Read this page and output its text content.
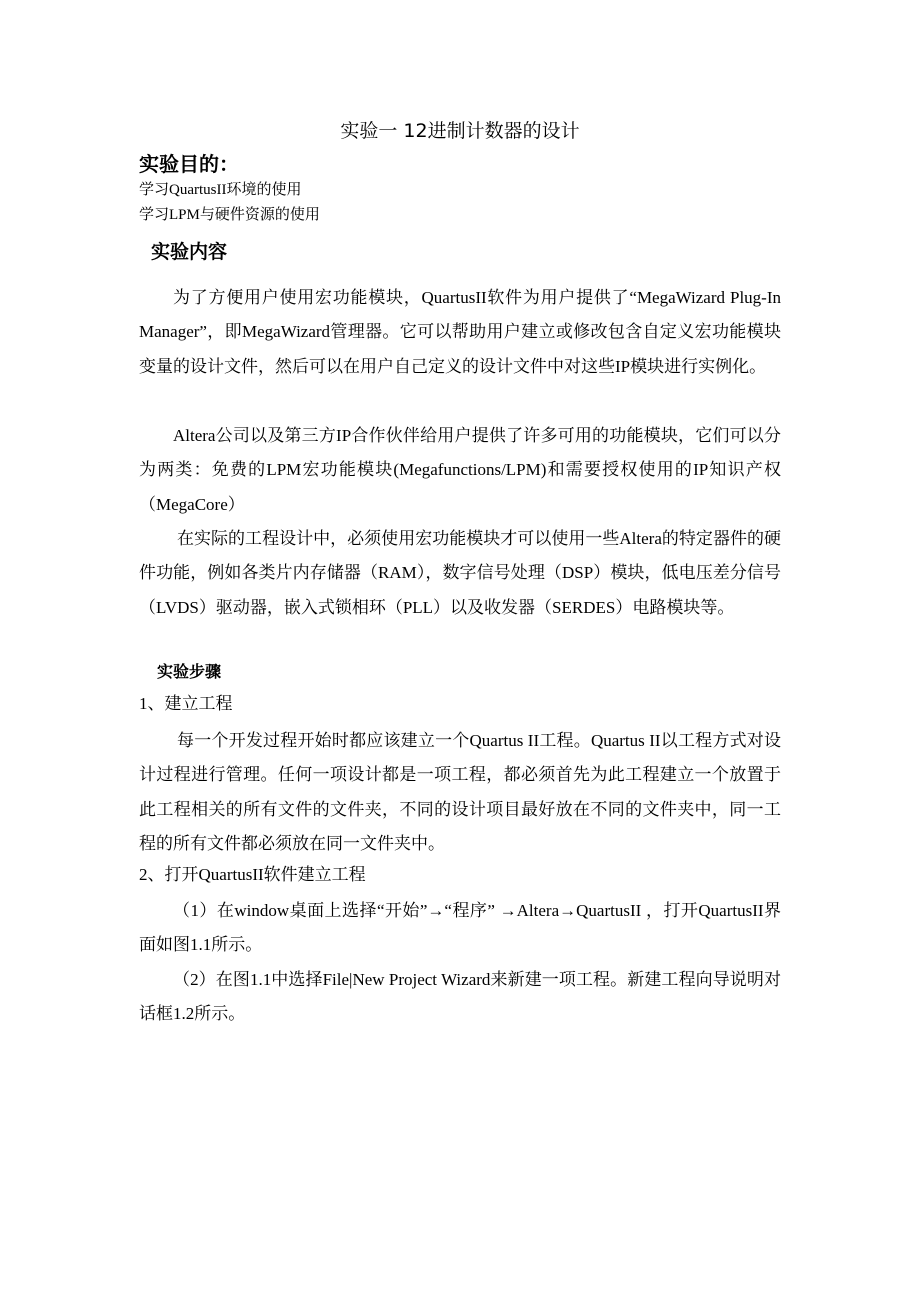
实验一 12进制计数器的设计
实验目的：
学习QuartusII环境的使用
学习LPM与硬件资源的使用
实验内容

为了方便用户使用宏功能模块，QuartusII软件为用户提供了“MegaWizard Plug-In Manager”，即MegaWizard管理器。它可以帮助用户建立或修改包含自定义宏功能模块变量的设计文件，然后可以在用户自己定义的设计文件中对这些IP模块进行实例化。

Altera公司以及第三方IP合作伙伴给用户提供了许多可用的功能模块，它们可以分为两类：免费的LPM宏功能模块(Megafunctions/LPM)和需要授权使用的IP知识产权（MegaCore）

在实际的工程设计中，必须使用宏功能模块才可以使用一些Altera的特定器件的硬件功能，例如各类片内存储器（RAM），数字信号处理（DSP）模块，低电压差分信号（LVDS）驱动器，嵌入式锁相环（PLL）以及收发器（SERDES）电路模块等。

实验步骤
1、建立工程

每一个开发过程开始时都应该建立一个Quartus II工程。Quartus II以工程方式对设计过程进行管理。任何一项设计都是一项工程，都必须首先为此工程建立一个放置于此工程相关的所有文件的文件夹，不同的设计项目最好放在不同的文件夹中，同一工程的所有文件都必须放在同一文件夹中。

2、打开QuartusII软件建立工程

（1）在window桌面上选择“开始”→“程序” →Altera→QuartusII ，打开QuartusII界面如图1.1所示。

（2）在图1.1中选择File|New Project Wizard来新建一项工程。新建工程向导说明对话框1.2所示。
